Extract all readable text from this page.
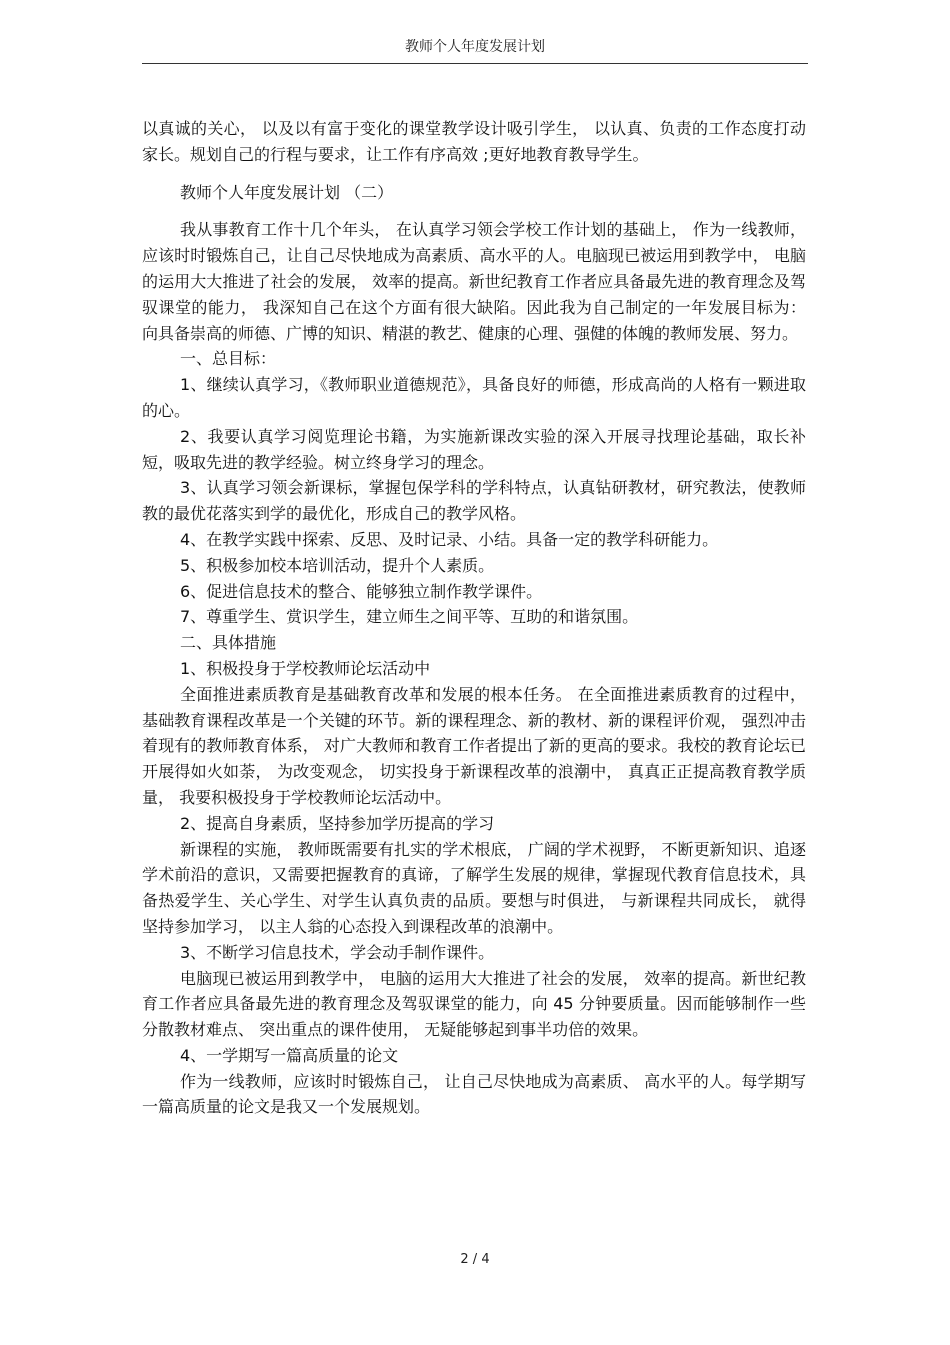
教师个人年度发展计划

以真诚的关心， 以及以有富于变化的课堂教学设计吸引学生， 以认真、负责的工作态度打动家长。规划自己的行程与要求，让工作有序高效 ;更好地教育教导学生。

教师个人年度发展计划 （二）

我从事教育工作十几个年头， 在认真学习领会学校工作计划的基础上， 作为一线教师，应该时时锻炼自己，让自己尽快地成为高素质、高水平的人。电脑现已被运用到教学中， 电脑的运用大大推进了社会的发展， 效率的提高。新世纪教育工作者应具备最先进的教育理念及驾驭课堂的能力， 我深知自己在这个方面有很大缺陷。因此我为自己制定的一年发展目标为： 向具备崇高的师德、广博的知识、精湛的教艺、健康的心理、强健的体魄的教师发展、努力。

一、总目标：

1、继续认真学习，《教师职业道德规范》，具备良好的师德，形成高尚的人格有一颗进取的心。

2、我要认真学习阅览理论书籍，为实施新课改实验的深入开展寻找理论基础，取长补短，吸取先进的教学经验。树立终身学习的理念。

3、认真学习领会新课标，掌握包保学科的学科特点，认真钻研教材，研究教法，使教师教的最优花落实到学的最优化，形成自己的教学风格。

4、在教学实践中探索、反思、及时记录、小结。具备一定的教学科研能力。

5、积极参加校本培训活动，提升个人素质。

6、促进信息技术的整合、能够独立制作教学课件。

7、尊重学生、赏识学生，建立师生之间平等、互助的和谐氛围。

二、具体措施

1、积极投身于学校教师论坛活动中

全面推进素质教育是基础教育改革和发展的根本任务。 在全面推进素质教育的过程中，基础教育课程改革是一个关键的环节。新的课程理念、新的教材、新的课程评价观， 强烈冲击着现有的教师教育体系， 对广大教师和教育工作者提出了新的更高的要求。我校的教育论坛已开展得如火如荼， 为改变观念， 切实投身于新课程改革的浪潮中， 真真正正提高教育教学质量， 我要积极投身于学校教师论坛活动中。

2、提高自身素质，坚持参加学历提高的学习

新课程的实施， 教师既需要有扎实的学术根底， 广阔的学术视野， 不断更新知识、追逐学术前沿的意识，又需要把握教育的真谛，了解学生发展的规律，掌握现代教育信息技术，具备热爱学生、关心学生、对学生认真负责的品质。要想与时俱进， 与新课程共同成长， 就得坚持参加学习， 以主人翁的心态投入到课程改革的浪潮中。

3、不断学习信息技术，学会动手制作课件。

电脑现已被运用到教学中， 电脑的运用大大推进了社会的发展， 效率的提高。新世纪教育工作者应具备最先进的教育理念及驾驭课堂的能力，向 45 分钟要质量。因而能够制作一些分散教材难点、 突出重点的课件使用， 无疑能够起到事半功倍的效果。

4、一学期写一篇高质量的论文

作为一线教师，应该时时锻炼自己， 让自己尽快地成为高素质、 高水平的人。每学期写一篇高质量的论文是我又一个发展规划。

2 / 4
